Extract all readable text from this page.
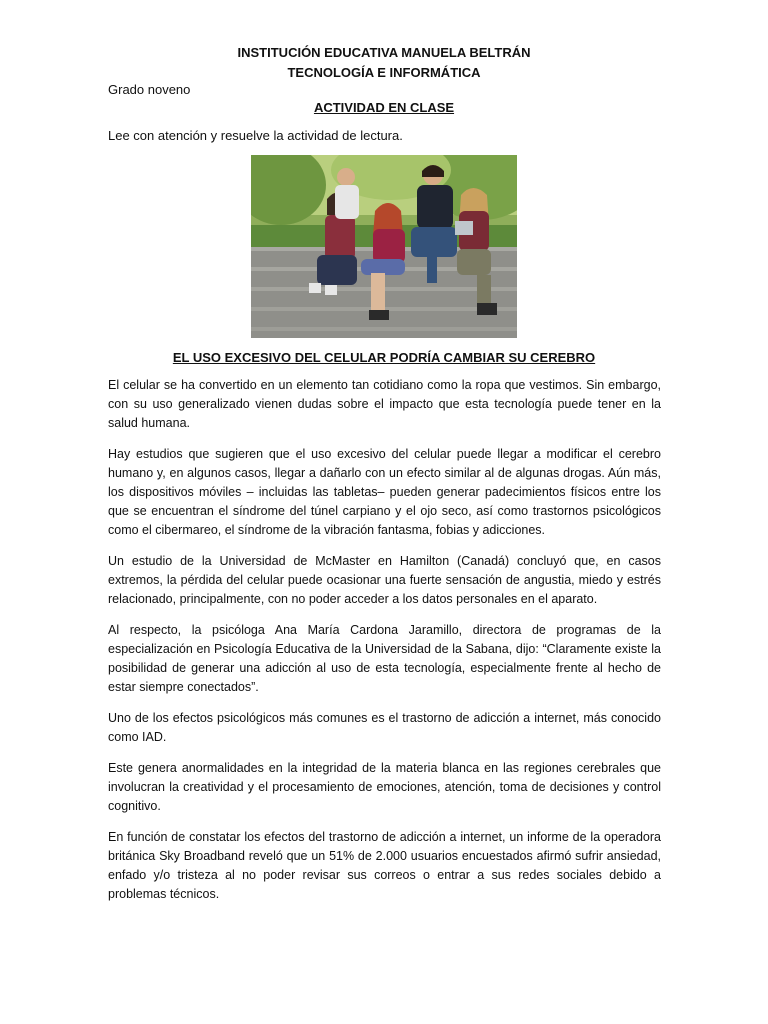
INSTITUCIÓN EDUCATIVA MANUELA BELTRÁN
TECNOLOGÍA E INFORMÁTICA
Grado noveno
ACTIVIDAD EN CLASE
Lee con atención y resuelve la actividad de lectura.
EL USO EXCESIVO DEL CELULAR PODRÍA CAMBIAR SU CEREBRO

El celular se ha convertido en un elemento tan cotidiano como la ropa que vestimos. Sin embargo, con su uso generalizado vienen dudas sobre el impacto que esta tecnología puede tener en la salud humana.

Hay estudios que sugieren que el uso excesivo del celular puede llegar a modificar el cerebro humano y, en algunos casos, llegar a dañarlo con un efecto similar al de algunas drogas. Aún más, los dispositivos móviles – incluidas las tabletas– pueden generar padecimientos físicos entre los que se encuentran el síndrome del túnel carpiano y el ojo seco, así como trastornos psicológicos como el cibermareo, el síndrome de la vibración fantasma, fobias y adicciones.

Un estudio de la Universidad de McMaster en Hamilton (Canadá) concluyó que, en casos extremos, la pérdida del celular puede ocasionar una fuerte sensación de angustia, miedo y estrés relacionado, principalmente, con no poder acceder a los datos personales en el aparato.

Al respecto, la psicóloga Ana María Cardona Jaramillo, directora de programas de la especialización en Psicología Educativa de la Universidad de la Sabana, dijo: “Claramente existe la posibilidad de generar una adicción al uso de esta tecnología, especialmente frente al hecho de estar siempre conectados”.

Uno de los efectos psicológicos más comunes es el trastorno de adicción a internet, más conocido como IAD.

Este genera anormalidades en la integridad de la materia blanca en las regiones cerebrales que involucran la creatividad y el procesamiento de emociones, atención, toma de decisiones y control cognitivo.

En función de constatar los efectos del trastorno de adicción a internet, un informe de la operadora británica Sky Broadband reveló que un 51% de 2.000 usuarios encuestados afirmó sufrir ansiedad, enfado y/o tristeza al no poder revisar sus correos o entrar a sus redes sociales debido a problemas técnicos.
